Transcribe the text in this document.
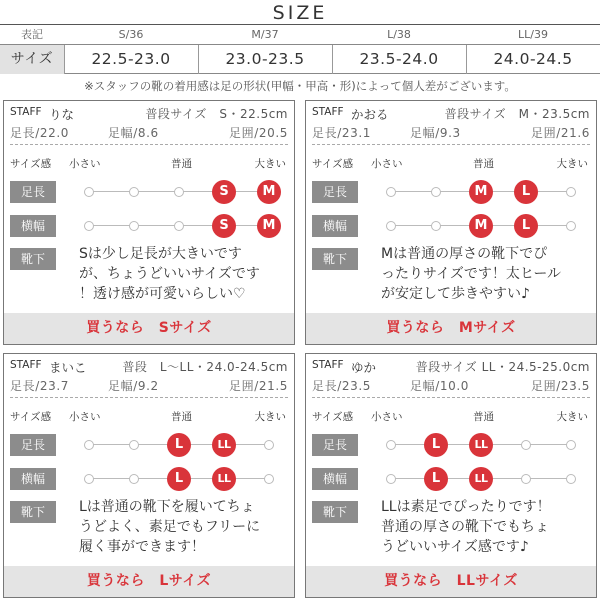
SIZE
表記	S/36	M/37	L/38	LL/39
サイズ	22.5-23.0	23.0-23.5	23.5-24.0	24.0-24.5
※スタッフの靴の着用感は足の形状(甲幅・甲高・形)によって個人差がございます。
STAFF りな	普段サイズ　S・22.5cm
足長/22.0	足幅/8.6	足囲/20.5
サイズ感 小さい	普通	大きい
足長	S	M
横幅	S	M
靴下	Sは少し足長が大きいです
が、ちょうどいいサイズです
！透け感が可愛いらしい♡
買うなら　Sサイズ
STAFF かおる	普段サイズ　M・23.5cm
足長/23.1	足幅/9.3	足囲/21.6
サイズ感 小さい	普通	大きい
足長	M	L
横幅	M	L
靴下	Mは普通の厚さの靴下でぴ
ったりサイズです！太ヒール
が安定して歩きやすい♪
買うなら　Mサイズ
STAFF まいこ	普段　L〜LL・24.0-24.5cm
足長/23.7	足幅/9.2	足囲/21.5
サイズ感 小さい	普通	大きい
足長	L	LL
横幅	L	LL
靴下	Lは普通の靴下を履いてちょ
うどよく、素足でもフリーに
履く事ができます！
買うなら　Lサイズ
STAFF ゆか	普段サイズ LL・24.5-25.0cm
足長/23.5	足幅/10.0	足囲/23.5
サイズ感 小さい	普通	大きい
足長	L	LL
横幅	L	LL
靴下	LLは素足でぴったりです！
普通の厚さの靴下でもちょ
うどいいサイズ感です♪
買うなら　LLサイズ
